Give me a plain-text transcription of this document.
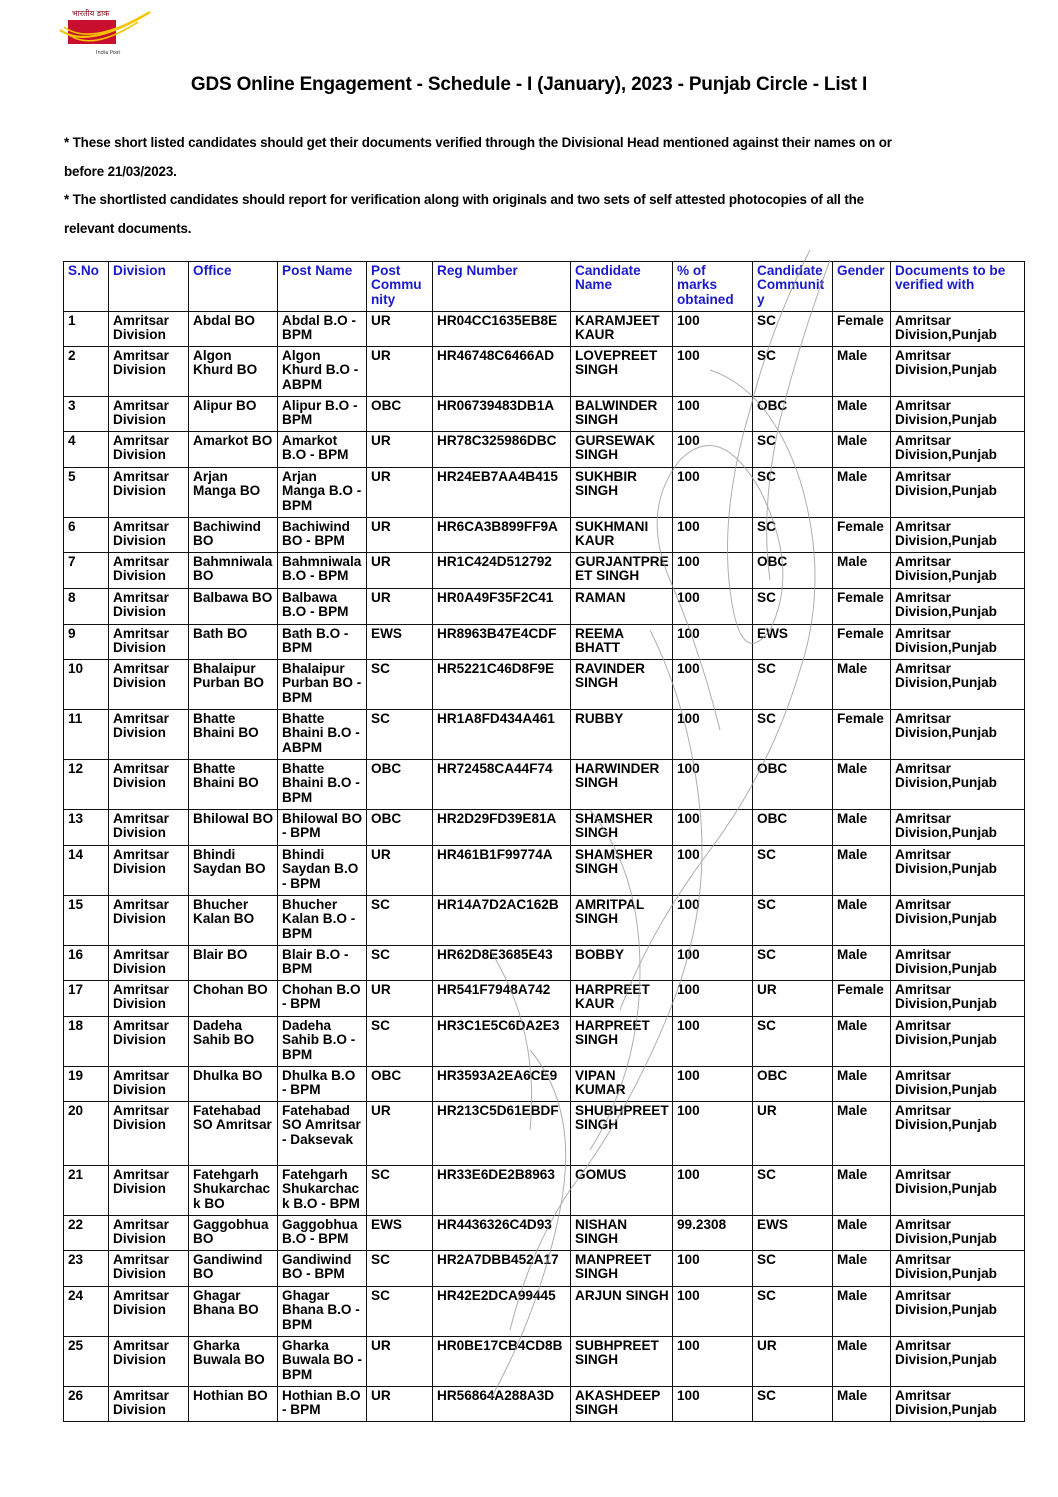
भारतीय डाक
India Post
GDS Online Engagement - Schedule - I (January), 2023 - Punjab Circle - List I
* These short listed candidates should get their documents verified through the Divisional Head mentioned against their names on or
before 21/03/2023.
* The shortlisted candidates should report for verification along with originals and two sets of self attested photocopies of all the
relevant documents.
S.No	Division	Office	Post Name	Post Community	Reg Number	Candidate Name	% of marks obtained	Candidate Community	Gender	Documents to be verified with
1	Amritsar Division	Abdal BO	Abdal B.O - BPM	UR	HR04CC1635EB8E	KARAMJEET KAUR	100	SC	Female	Amritsar Division,Punjab
2	Amritsar Division	Algon Khurd BO	Algon Khurd B.O - ABPM	UR	HR46748C6466AD	LOVEPREET SINGH	100	SC	Male	Amritsar Division,Punjab
3	Amritsar Division	Alipur BO	Alipur B.O - BPM	OBC	HR06739483DB1A	BALWINDER SINGH	100	OBC	Male	Amritsar Division,Punjab
4	Amritsar Division	Amarkot BO	Amarkot B.O - BPM	UR	HR78C325986DBC	GURSEWAK SINGH	100	SC	Male	Amritsar Division,Punjab
5	Amritsar Division	Arjan Manga BO	Arjan Manga B.O - BPM	UR	HR24EB7AA4B415	SUKHBIR SINGH	100	SC	Male	Amritsar Division,Punjab
6	Amritsar Division	Bachiwind BO	Bachiwind BO - BPM	UR	HR6CA3B899FF9A	SUKHMANI KAUR	100	SC	Female	Amritsar Division,Punjab
7	Amritsar Division	Bahmniwala BO	Bahmniwala B.O - BPM	UR	HR1C424D512792	GURJANTPREET SINGH	100	OBC	Male	Amritsar Division,Punjab
8	Amritsar Division	Balbawa BO	Balbawa B.O - BPM	UR	HR0A49F35F2C41	RAMAN	100	SC	Female	Amritsar Division,Punjab
9	Amritsar Division	Bath BO	Bath B.O - BPM	EWS	HR8963B47E4CDF	REEMA BHATT	100	EWS	Female	Amritsar Division,Punjab
10	Amritsar Division	Bhalaipur Purban BO	Bhalaipur Purban BO - BPM	SC	HR5221C46D8F9E	RAVINDER SINGH	100	SC	Male	Amritsar Division,Punjab
11	Amritsar Division	Bhatte Bhaini BO	Bhatte Bhaini B.O - ABPM	SC	HR1A8FD434A461	RUBBY	100	SC	Female	Amritsar Division,Punjab
12	Amritsar Division	Bhatte Bhaini BO	Bhatte Bhaini B.O - BPM	OBC	HR72458CA44F74	HARWINDER SINGH	100	OBC	Male	Amritsar Division,Punjab
13	Amritsar Division	Bhilowal BO	Bhilowal BO - BPM	OBC	HR2D29FD39E81A	SHAMSHER SINGH	100	OBC	Male	Amritsar Division,Punjab
14	Amritsar Division	Bhindi Saydan BO	Bhindi Saydan B.O - BPM	UR	HR461B1F99774A	SHAMSHER SINGH	100	SC	Male	Amritsar Division,Punjab
15	Amritsar Division	Bhucher Kalan BO	Bhucher Kalan B.O - BPM	SC	HR14A7D2AC162B	AMRITPAL SINGH	100	SC	Male	Amritsar Division,Punjab
16	Amritsar Division	Blair BO	Blair B.O - BPM	SC	HR62D8E3685E43	BOBBY	100	SC	Male	Amritsar Division,Punjab
17	Amritsar Division	Chohan BO	Chohan B.O - BPM	UR	HR541F7948A742	HARPREET KAUR	100	UR	Female	Amritsar Division,Punjab
18	Amritsar Division	Dadeha Sahib BO	Dadeha Sahib B.O - BPM	SC	HR3C1E5C6DA2E3	HARPREET SINGH	100	SC	Male	Amritsar Division,Punjab
19	Amritsar Division	Dhulka BO	Dhulka B.O - BPM	OBC	HR3593A2EA6CE9	VIPAN KUMAR	100	OBC	Male	Amritsar Division,Punjab
20	Amritsar Division	Fatehabad SO Amritsar	Fatehabad SO Amritsar - Daksevak	UR	HR213C5D61EBDF	SHUBHPREET SINGH	100	UR	Male	Amritsar Division,Punjab
21	Amritsar Division	Fatehgarh Shukarchack BO	Fatehgarh Shukarchack B.O - BPM	SC	HR33E6DE2B8963	GOMUS	100	SC	Male	Amritsar Division,Punjab
22	Amritsar Division	Gaggobhua BO	Gaggobhua B.O - BPM	EWS	HR4436326C4D93	NISHAN SINGH	99.2308	EWS	Male	Amritsar Division,Punjab
23	Amritsar Division	Gandiwind BO	Gandiwind BO - BPM	SC	HR2A7DBB452A17	MANPREET SINGH	100	SC	Male	Amritsar Division,Punjab
24	Amritsar Division	Ghagar Bhana BO	Ghagar Bhana B.O - BPM	SC	HR42E2DCA99445	ARJUN SINGH	100	SC	Male	Amritsar Division,Punjab
25	Amritsar Division	Gharka Buwala BO	Gharka Buwala BO - BPM	UR	HR0BE17CB4CD8B	SUBHPREET SINGH	100	UR	Male	Amritsar Division,Punjab
26	Amritsar Division	Hothian BO	Hothian B.O - BPM	UR	HR56864A288A3D	AKASHDEEP SINGH	100	SC	Male	Amritsar Division,Punjab
